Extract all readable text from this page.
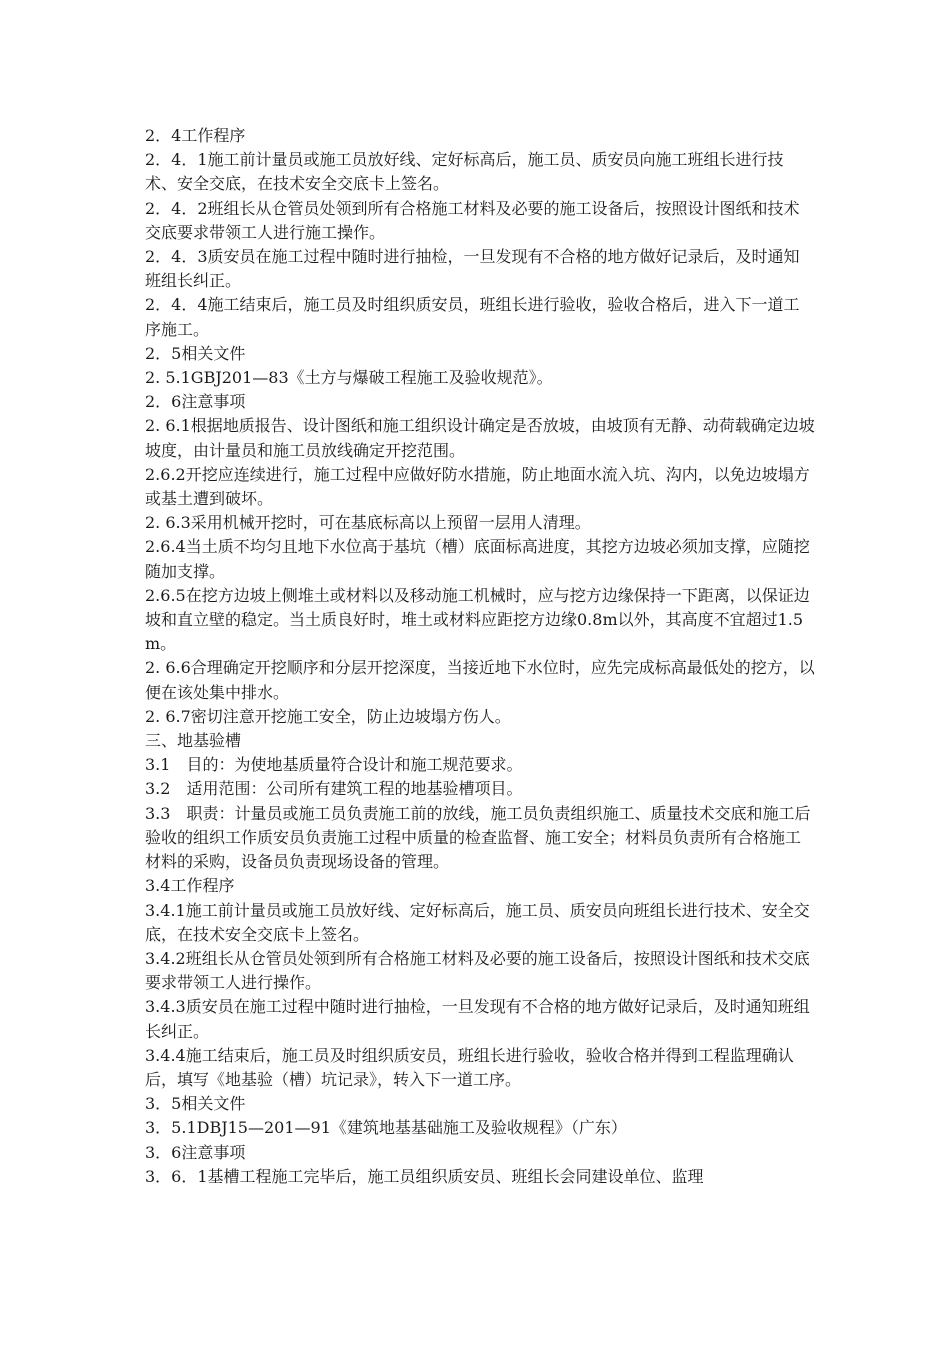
2．4工作程序

2．4．1施工前计量员或施工员放好线、定好标高后，施工员、质安员向施工班组长进行技术、安全交底，在技术安全交底卡上签名。

2．4．2班组长从仓管员处领到所有合格施工材料及必要的施工设备后，按照设计图纸和技术交底要求带领工人进行施工操作。

2．4．3质安员在施工过程中随时进行抽检，一旦发现有不合格的地方做好记录后，及时通知班组长纠正。

2．4．4施工结束后，施工员及时组织质安员，班组长进行验收，验收合格后，进入下一道工序施工。

2．5相关文件

2. 5.1GBJ201—83《土方与爆破工程施工及验收规范》。

2．6注意事项

2. 6.1根据地质报告、设计图纸和施工组织设计确定是否放坡，由坡顶有无静、动荷载确定边坡坡度，由计量员和施工员放线确定开挖范围。

2.6.2开挖应连续进行，施工过程中应做好防水措施，防止地面水流入坑、沟内，以免边坡塌方或基土遭到破坏。

2. 6.3采用机械开挖时，可在基底标高以上预留一层用人清理。

2.6.4当土质不均匀且地下水位高于基坑（槽）底面标高进度，其挖方边坡必须加支撑，应随挖随加支撑。

2.6.5在挖方边坡上侧堆土或材料以及移动施工机械时，应与挖方边缘保持一下距离，以保证边坡和直立壁的稳定。当土质良好时，堆土或材料应距挖方边缘0.8m以外，其高度不宜超过1.5m。

2. 6.6合理确定开挖顺序和分层开挖深度，当接近地下水位时，应先完成标高最低处的挖方，以便在该处集中排水。

2. 6.7密切注意开挖施工安全，防止边坡塌方伤人。

三、地基验槽

3.1　目的：为使地基质量符合设计和施工规范要求。

3.2　适用范围：公司所有建筑工程的地基验槽项目。

3.3　职责：计量员或施工员负责施工前的放线，施工员负责组织施工、质量技术交底和施工后验收的组织工作质安员负责施工过程中质量的检查监督、施工安全；材料员负责所有合格施工材料的采购，设备员负责现场设备的管理。

3.4工作程序

3.4.1施工前计量员或施工员放好线、定好标高后，施工员、质安员向班组长进行技术、安全交底，在技术安全交底卡上签名。

3.4.2班组长从仓管员处领到所有合格施工材料及必要的施工设备后，按照设计图纸和技术交底要求带领工人进行操作。

3.4.3质安员在施工过程中随时进行抽检，一旦发现有不合格的地方做好记录后，及时通知班组长纠正。

3.4.4施工结束后，施工员及时组织质安员，班组长进行验收，验收合格并得到工程监理确认后，填写《地基验（槽）坑记录》，转入下一道工序。

3．5相关文件

3．5.1DBJ15—201—91《建筑地基基础施工及验收规程》（广东）

3．6注意事项

3．6．1基槽工程施工完毕后，施工员组织质安员、班组长会同建设单位、监理
